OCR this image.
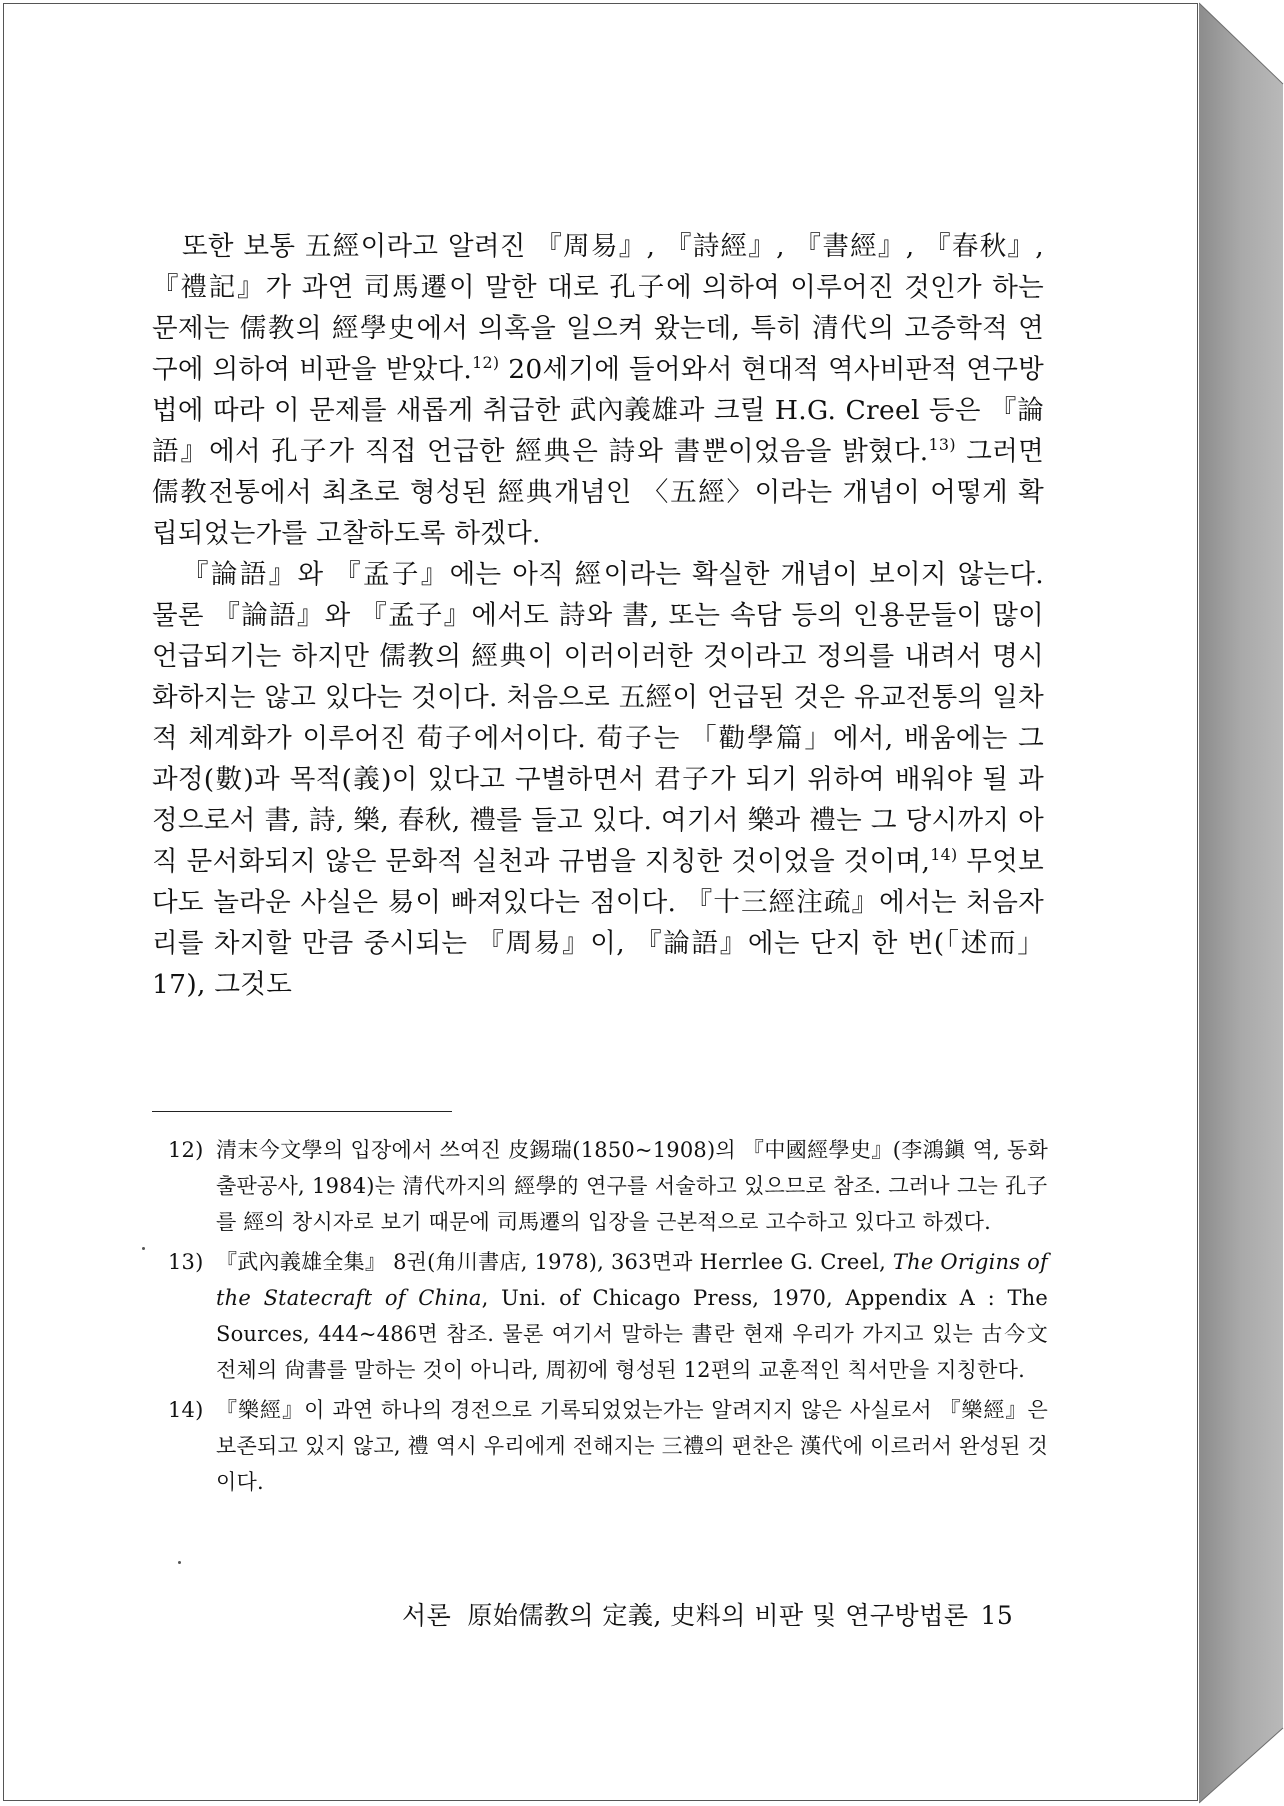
또한 보통 五經이라고 알려진 『周易』, 『詩經』, 『書經』, 『春秋』, 『禮記』가 과연 司馬遷이 말한 대로 孔子에 의하여 이루어진 것인가 하는 문제는 儒教의 經學史에서 의혹을 일으켜 왔는데, 특히 清代의 고증학적 연구에 의하여 비판을 받았다.$^{12)}$ 20세기에 들어와서 현대적 역사비판적 연구방법에 따라 이 문제를 새롭게 취급한 武內義雄과 크릴 H.G. Creel 등은 『論語』에서 孔子가 직접 언급한 經典은 詩와 書뿐이었음을 밝혔다.$^{13)}$ 그러면 儒教전통에서 최초로 형성된 經典개념인 〈五經〉이라는 개념이 어떻게 확립되었는가를 고찰하도록 하겠다.

『論語』와 『孟子』에는 아직 經이라는 확실한 개념이 보이지 않는다. 물론 『論語』와 『孟子』에서도 詩와 書, 또는 속담 등의 인용문들이 많이 언급되기는 하지만 儒教의 經典이 이러이러한 것이라고 정의를 내려서 명시화하지는 않고 있다는 것이다. 처음으로 五經이 언급된 것은 유교전통의 일차적 체계화가 이루어진 荀子에서이다. 荀子는 「勸學篇」에서, 배움에는 그 과정(數)과 목적(義)이 있다고 구별하면서 君子가 되기 위하여 배워야 될 과정으로서 書, 詩, 樂, 春秋, 禮를 들고 있다. 여기서 樂과 禮는 그 당시까지 아직 문서화되지 않은 문화적 실천과 규범을 지칭한 것이었을 것이며,$^{14)}$ 무엇보다도 놀라운 사실은 易이 빠져있다는 점이다. 『十三經注疏』에서는 처음자리를 차지할 만큼 중시되는 『周易』이, 『論語』에는 단지 한 번(「述而」 17), 그것도

12) 清末今文學의 입장에서 쓰여진 皮錫瑞(1850~1908)의 『中國經學史』(李鴻鎭 역, 동화출판공사, 1984)는 清代까지의 經學的 연구를 서술하고 있으므로 참조. 그러나 그는 孔子를 經의 창시자로 보기 때문에 司馬遷의 입장을 근본적으로 고수하고 있다고 하겠다.

13) 『武內義雄全集』 8권(角川書店, 1978), 363면과 Herrlee G. Creel, The Origins of the Statecraft of China, Uni. of Chicago Press, 1970, Appendix A : The Sources, 444~486면 참조. 물론 여기서 말하는 書란 현재 우리가 가지고 있는 古今文 전체의 尙書를 말하는 것이 아니라, 周初에 형성된 12편의 교훈적인 칙서만을 지칭한다.

14) 『樂經』이 과연 하나의 경전으로 기록되었었는가는 알려지지 않은 사실로서 『樂經』은 보존되고 있지 않고, 禮 역시 우리에게 전해지는 三禮의 편찬은 漢代에 이르러서 완성된 것이다.

서론 原始儒教의 定義, 史料의 비판 및 연구방법론 15
